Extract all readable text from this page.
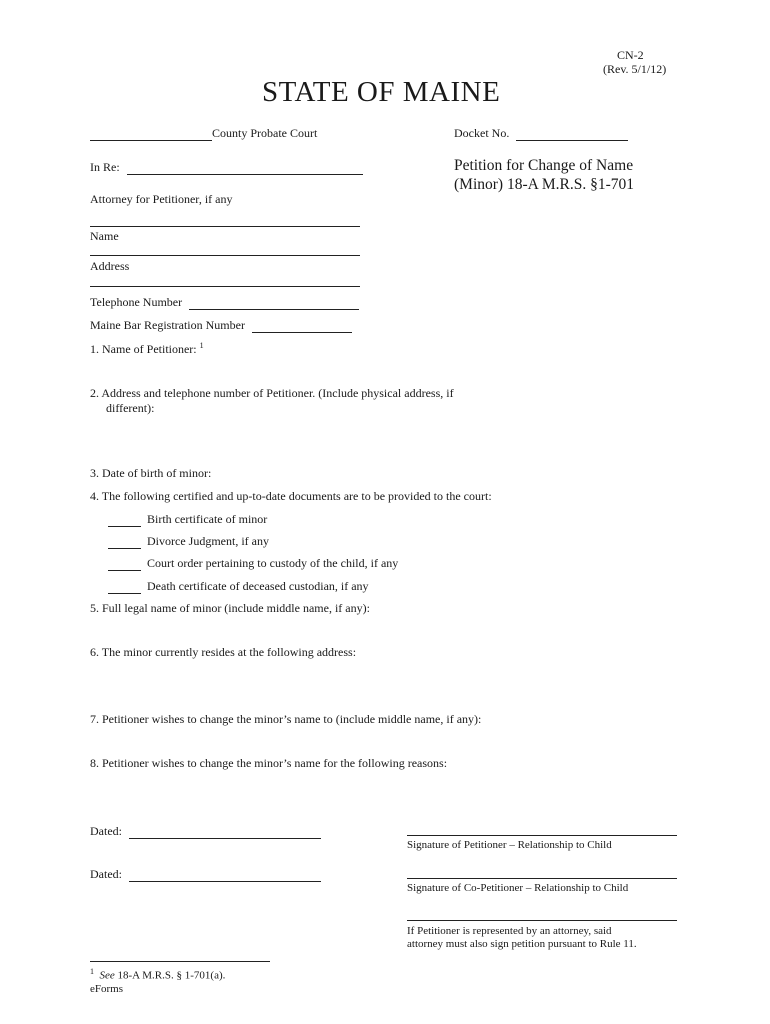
CN-2
(Rev. 5/1/12)
STATE OF MAINE
County Probate Court	Docket No.
In Re:	Petition for Change of Name
(Minor) 18-A M.R.S. §1-701
Attorney for Petitioner, if any
Name
Address
Telephone Number
Maine Bar Registration Number
1. Name of Petitioner: $^1$
2. Address and telephone number of Petitioner. (Include physical address, if
different):
3. Date of birth of minor:
4. The following certified and up-to-date documents are to be provided to the court:
Birth certificate of minor
Divorce Judgment, if any
Court order pertaining to custody of the child, if any
Death certificate of deceased custodian, if any
5. Full legal name of minor (include middle name, if any):
6. The minor currently resides at the following address:
7. Petitioner wishes to change the minor’s name to (include middle name, if any):
8. Petitioner wishes to change the minor’s name for the following reasons:
Dated:
Signature of Petitioner – Relationship to Child
Dated:
Signature of Co-Petitioner – Relationship to Child
If Petitioner is represented by an attorney, said
attorney must also sign petition pursuant to Rule 11.
$^1$ See 18-A M.R.S. § 1-701(a).
eForms
